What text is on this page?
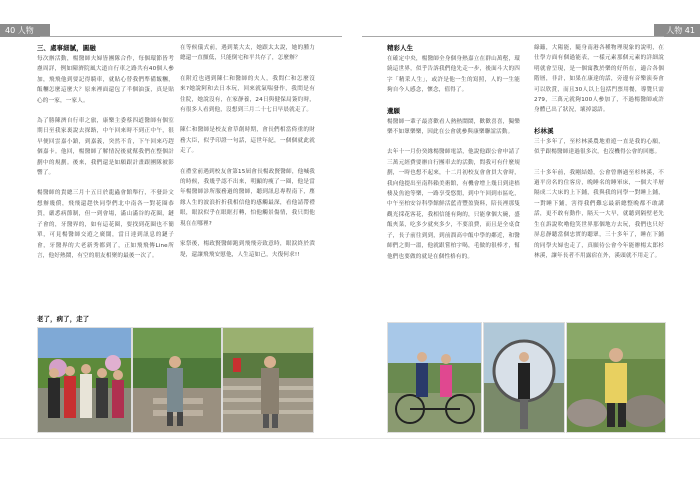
40 人物	人物 41
三、處事細膩，圓融

每次辦活動，楊醫師夫婦皆團隊合作，每個環節皆考慮周詳，例如陳濟院風大道自行車之路共有40個人參加，飛飛他到要記得騎車，就貼心替我們準備飯糰，飯糰怎麼這麼大？原來裡面還包了半個油蛋，真是貼心的一家，一家人。

為了勝陳濟自行車之旅，康樂主委蔡四道醫師有個室期日至我家裏說去探路，中午回來時不到正中午，很早便回雲嘉小鎮，到嘉義，突然不肯，下午回來巧趕個嘉卡。他回，楊醫師了解情況後就幫我們在整個計劃中的規劃。後來，我們還是如願跟計畫跟團隊被影響了。

楊醫師的貴總三月十五日於龍蟲會館舉行，不發卦文想辦幾償，飛飛還趕快同學們北中南各一對花圈恭賀，嚴悉病節制，但一到會場，滿山滿谷的花圈，鏈子會的，牙醫界的，如有這花圈，要找到花圈也不簡單，可見楊醫師交遊之廣闊，當日達到訊息的鏈子會，牙醫界的大老新秀都到了，正如飛飛傳Line所言，他好熱鬧，有空的朋友相聚的最後一次了。

老了，病了，走了

在等候儀式前，遇到葉大太，她跟太太說，她的腫力總還一直顫低，只能倒宅和平共存了，怎麼辦？

在附近也遇到陳仁和醫師的夫人，我問仁和怎麼沒來?她說阿和去日本玩，回來就氣喘發作，我問是有住院，她說沒有，在家靜養，24日與健保局簽約時，有很多人看到他，沒想到三月二十七日早晨就走了。

陳仁和醫師是校友會草創時期，會長們相當倚重的財務大臣，似乎印證一句話，這世年紀，一個個就此就走了。

在禮堂前遇到校友會第15屆會長楊政賢醫師，他喊我的時候，我幾乎認不出來，明顯的瘦了一圈，他是當年楊醫師診所服務過的醫師，聽到訊息專程南下，塵緣人生的波浪折折我相信他的感觸最深，看他請帶禮眼，眼淚似乎在眼眶打轉，怕他觸景傷情，我只問他現在在哪裡?

家祭後，楊政賢醫師跑到飛飛旁致意時，眼淚終於潰堤，還讓飛飛安慰他，人生這如己，夫復何求!!

精彩人生

在確定中央，楊醫師全身個身熱嘉立在群山萬壑，環繞這世界，似乎告訴我們他先走一步，後面斗大的四字「精采人生」，或許是他一生的寫照，人的一生能夠自今人感念，懷念，值得了。

遺願

楊醫師一輩子最喜歡看人熱熱鬧鬧，歡歡喜喜，獨樂樂不如眾樂樂，因此在公會就參與康樂聯誼活動。

去年十一月份癸緣楊醫師電話，他說他跟公會申請了三萬元經費要辦自行團車去的活動，問我可有什麼規劃，一時也想不起來，十二月初校友會會員大會時，我向他提出至南科賴美術館，有機會增上幾日到達梧棲及魚池等樂，一路享受悠閒，到中午回到市區吃，中午至柏安谷科學館鮮活藍青豐盈資料，陪長裡那隻觀光採花客花，我相信能有夠的，只能拿個大碗，盛飯夾菜，吃多少就夾多少，不要浪費，而且是全桌食子，長子前往到到，到前溜高中飯中學的鄰近，和醫師們之間一溫，他就跟嘗柏宇喝，毛做的很棒才，幫他們也要做的就是在個性格有的。

綠籬，大陽能，隨身南港各種物理現象的說明，在仕學方面有個過能表，一樣元素那個元素的詳細說明就會呈現，是一個寓教於樂的好所在，適合各個階層，非計，如果在康達的話，旁邊有音樂演奏會可以欣賞，而且30人以上包括門票用餐，導覽只需279，三萬元就夠100人參加了，不過楊醫師或許身體已出了狀況，壞掉認語。

杉林溪

三十多年了，至杉林溪農地重遊一直是我的心願，似乎跟楊醫師達過很多次，也沒機得公會的回應。

三十多年前，我剛結婚，公會曾辦過至杉林溪，不過平房名的住客房，晚睡名的睡軍床，一個大半層隔成二大床的上下鋪，我與我的同學一對睡上鋪，一對睡下鋪，害得我們難忘最新總整晚都不敢講話，更不敢有動作，隔天一大早，就聽到隔壁老先生在訴說吹嚕他笑世界那個地方去玩，我們也只好屏息靜聽當個忠實的聽眾，三十多年了，睡在下鋪的同學夫婦也走了，真願待公會今年能辦楊太郎杉林溪，讓年長者不用露宿在外，溪頭就不用走了。
